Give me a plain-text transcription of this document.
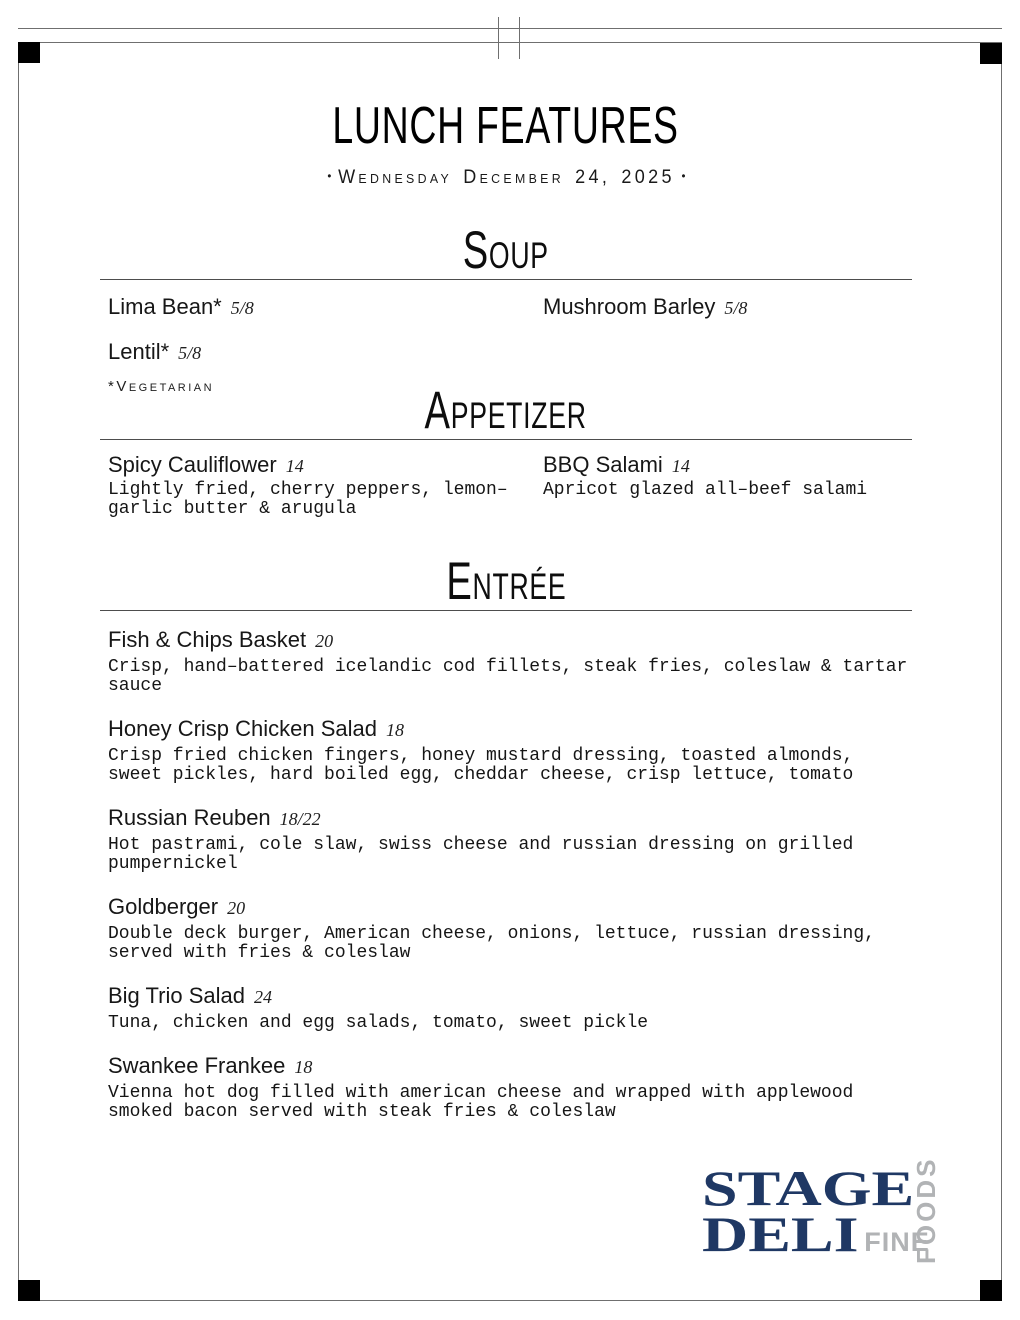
LUNCH FEATURES
• Wednesday December 24, 2025 •
Soup
Lima Bean* 5/8
Lentil* 5/8
*Vegetarian
Mushroom Barley 5/8
Appetizer
Spicy Cauliflower 14
Lightly fried, cherry peppers, lemon–garlic butter & arugula
BBQ Salami 14
Apricot glazed all–beef salami
Entrée
Fish & Chips Basket 20
Crisp, hand–battered icelandic cod fillets, steak fries, coleslaw & tartar sauce
Honey Crisp Chicken Salad 18
Crisp fried chicken fingers, honey mustard dressing, toasted almonds, sweet pickles, hard boiled egg, cheddar cheese, crisp lettuce, tomato
Russian Reuben 18/22
Hot pastrami, cole slaw, swiss cheese and russian dressing on grilled pumpernickel
Goldberger 20
Double deck burger, American cheese, onions, lettuce, russian dressing, served with fries & coleslaw
Big Trio Salad 24
Tuna, chicken and egg salads, tomato, sweet pickle
Swankee Frankee 18
Vienna hot dog filled with american cheese and wrapped with applewood smoked bacon served with steak fries & coleslaw
STAGE
DELI FINE
FOODS
